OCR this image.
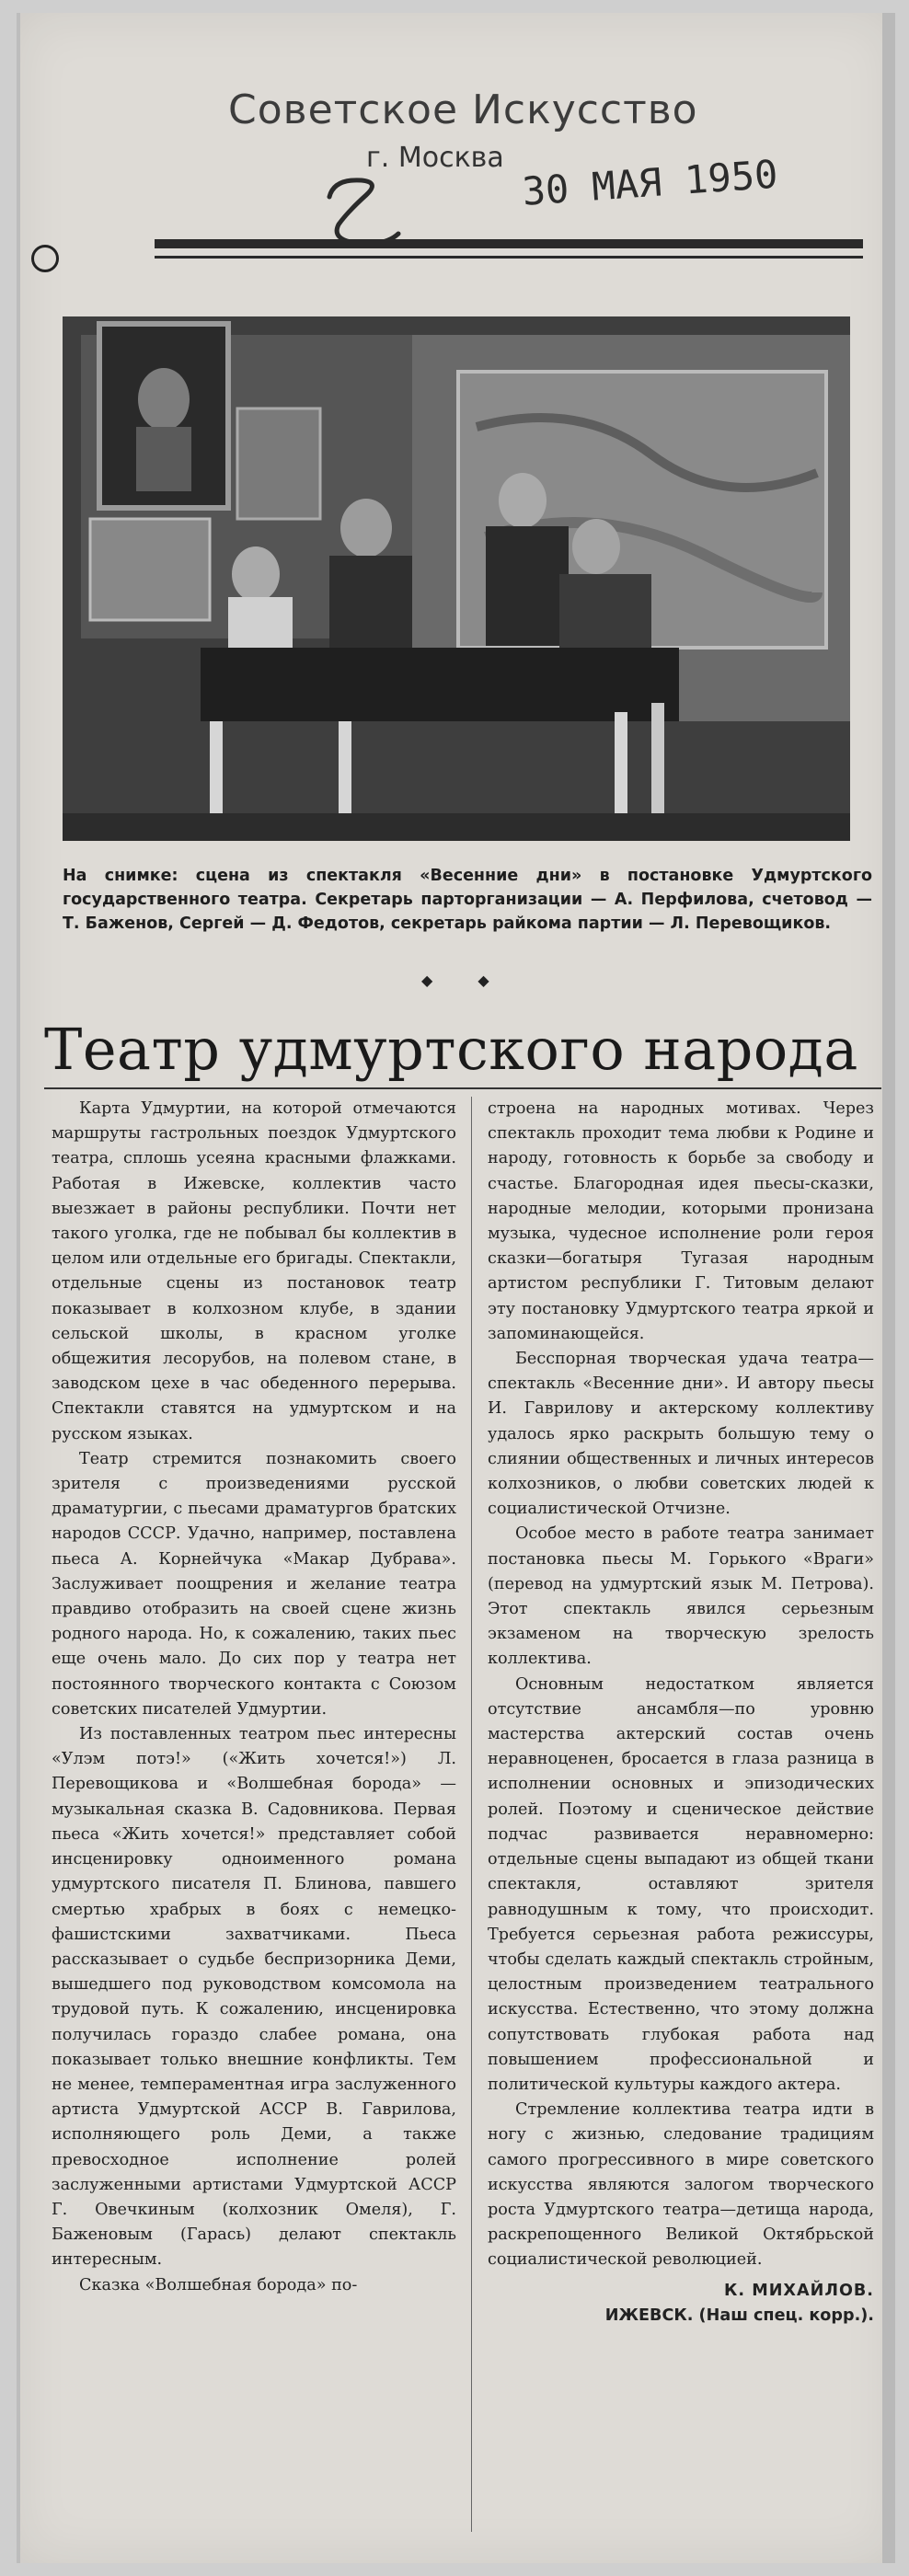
Советское Искусство
г. Москва 30 МАЯ 1950
На снимке: сцена из спектакля «Весенние дни» в постановке Удмуртского государственного театра. Секретарь парторганизации — А. Перфилова, счетовод — Т. Баженов, Сергей — Д. Федотов, секретарь райкома партии — Л. Перевощиков.
◆ ◆
Театр удмуртского народа

Карта Удмуртии, на которой отмечаются маршруты гастрольных поездок Удмуртского театра, сплошь усеяна красными флажками. Работая в Ижевске, коллектив часто выезжает в районы республики. Почти нет такого уголка, где не побывал бы коллектив в целом или отдельные его бригады. Спектакли, отдельные сцены из постановок театр показывает в колхозном клубе, в здании сельской школы, в красном уголке общежития лесорубов, на полевом стане, в заводском цехе в час обеденного перерыва. Спектакли ставятся на удмуртском и на русском языках.

Театр стремится познакомить своего зрителя с произведениями русской драматургии, с пьесами драматургов братских народов СССР. Удачно, например, поставлена пьеса А. Корнейчука «Макар Дубрава». Заслуживает поощрения и желание театра правдиво отобразить на своей сцене жизнь родного народа. Но, к сожалению, таких пьес еще очень мало. До сих пор у театра нет постоянного творческого контакта с Союзом советских писателей Удмуртии.

Из поставленных театром пьес интересны «Улэм потэ!» («Жить хочется!») Л. Перевощикова и «Волшебная борода» — музыкальная сказка В. Садовникова. Первая пьеса «Жить хочется!» представляет собой инсценировку одноименного романа удмуртского писателя П. Блинова, павшего смертью храбрых в боях с немецко-фашистскими захватчиками. Пьеса рассказывает о судьбе беспризорника Деми, вышедшего под руководством комсомола на трудовой путь. К сожалению, инсценировка получилась гораздо слабее романа, она показывает только внешние конфликты. Тем не менее, темпераментная игра заслуженного артиста Удмуртской АССР В. Гаврилова, исполняющего роль Деми, а также превосходное исполнение ролей заслуженными артистами Удмуртской АССР Г. Овечкиным (колхозник Омеля), Г. Баженовым (Гарась) делают спектакль интересным.

Сказка «Волшебная борода» по-

строена на народных мотивах. Через спектакль проходит тема любви к Родине и народу, готовность к борьбе за свободу и счастье. Благородная идея пьесы-сказки, народные мелодии, которыми пронизана музыка, чудесное исполнение роли героя сказки—богатыря Тугазая народным артистом республики Г. Титовым делают эту постановку Удмуртского театра яркой и запоминающейся.

Бесспорная творческая удача театра—спектакль «Весенние дни». И автору пьесы И. Гаврилову и актерскому коллективу удалось ярко раскрыть большую тему о слиянии общественных и личных интересов колхозников, о любви советских людей к социалистической Отчизне.

Особое место в работе театра занимает постановка пьесы М. Горького «Враги» (перевод на удмуртский язык М. Петрова). Этот спектакль явился серьезным экзаменом на творческую зрелость коллектива.

Основным недостатком является отсутствие ансамбля—по уровню мастерства актерский состав очень неравноценен, бросается в глаза разница в исполнении основных и эпизодических ролей. Поэтому и сценическое действие подчас развивается неравномерно: отдельные сцены выпадают из общей ткани спектакля, оставляют зрителя равнодушным к тому, что происходит. Требуется серьезная работа режиссуры, чтобы сделать каждый спектакль стройным, целостным произведением театрального искусства. Естественно, что этому должна сопутствовать глубокая работа над повышением профессиональной и политической культуры каждого актера.

Стремление коллектива театра идти в ногу с жизнью, следование традициям самого прогрессивного в мире советского искусства являются залогом творческого роста Удмуртского театра—детища народа, раскрепощенного Великой Октябрьской социалистической революцией.

К. МИХАЙЛОВ.

ИЖЕВСК. (Наш спец. корр.).
